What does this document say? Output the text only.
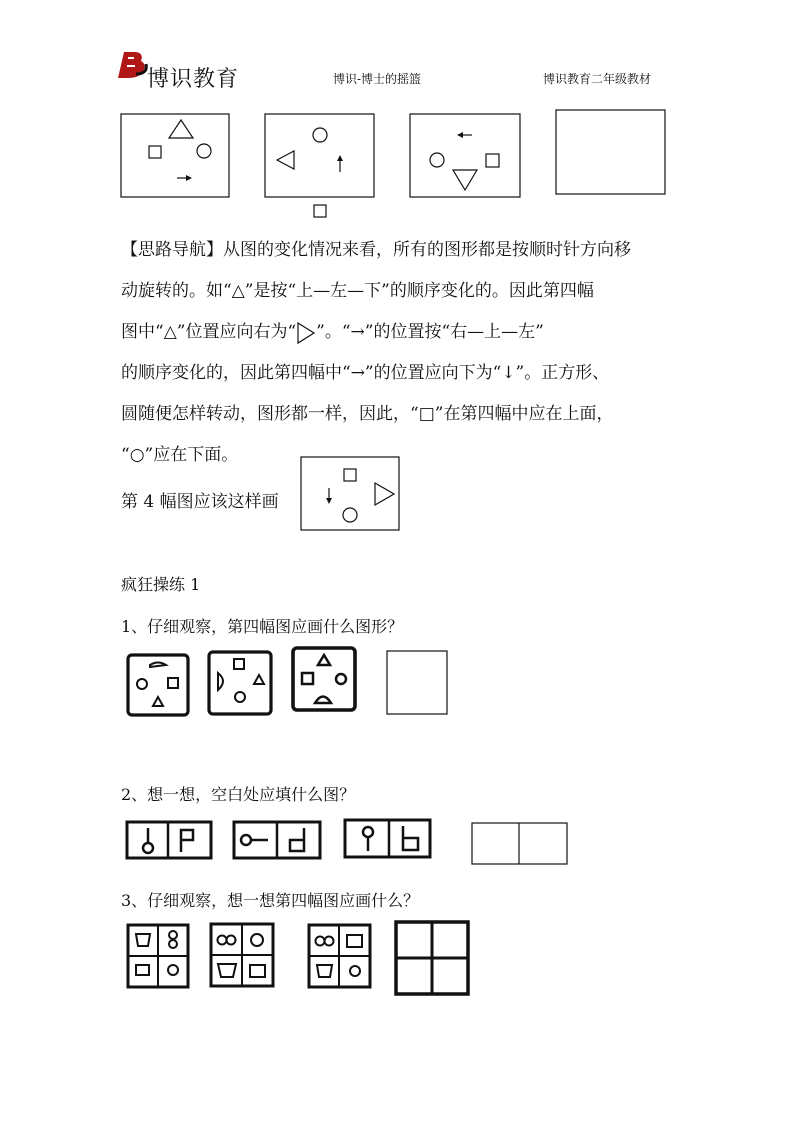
博识教育	博识-博士的摇篮	博识教育二年级教材
【思路导航】从图的变化情况来看，所有的图形都是按顺时针方向移
动旋转的。如“△”是按“上—左—下”的顺序变化的。因此第四幅
图中“△”位置应向右为“ ”。“→”的位置按“右—上—左”
的顺序变化的，因此第四幅中“→”的位置应向下为“↓”。正方形、
圆随便怎样转动，图形都一样，因此，“□”在第四幅中应在上面，
“○”应在下面。
第 4 幅图应该这样画
疯狂操练 1
1、仔细观察，第四幅图应画什么图形？
2、想一想，空白处应填什么图？
3、仔细观察，想一想第四幅图应画什么？
